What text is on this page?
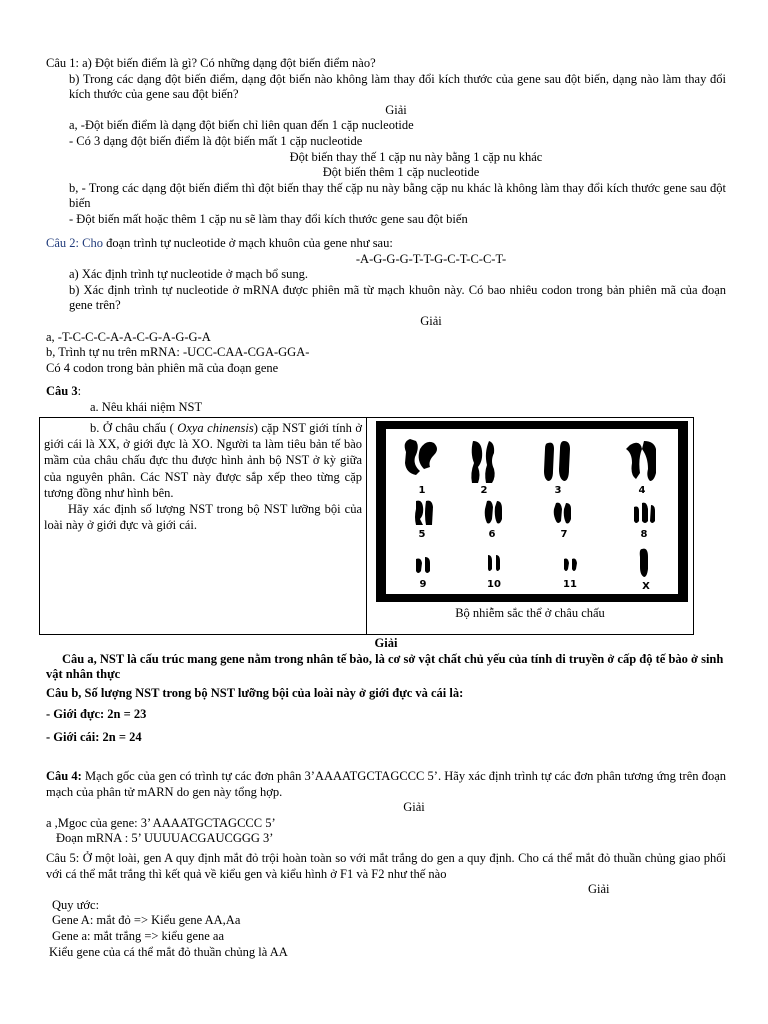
Câu 1: a) Đột biến điểm là gì? Có những dạng đột biến điểm nào?
b) Trong các dạng đột biến điểm, dạng đột biến nào không làm thay đổi kích thước của gene sau đột biến, dạng nào làm thay đổi kích thước của gene sau đột biến?
Giải
a, -Đột biến điểm là dạng đột biến chỉ liên quan đến 1 cặp nucleotide
- Có 3 dạng đột biến điểm là đột biến mất 1 cặp nucleotide
Đột biến thay thế 1 cặp nu này bằng 1 cặp nu khác
Đột biến thêm 1 cặp nucleotide
b, - Trong các dạng đột biến điểm thì đột biến thay thế cặp nu này bằng cặp nu khác là không làm thay đổi kích thước gene sau đột biến
- Đột biến mất hoặc thêm 1 cặp nu sẽ làm thay đổi kích thước gene sau đột biến
Câu 2: Cho đoạn trình tự nucleotide ở mạch khuôn của gene như sau:
-A-G-G-G-T-T-G-C-T-C-C-T-
a) Xác định trình tự nucleotide ở mạch bổ sung.
b) Xác định trình tự nucleotide ở mRNA được phiên mã từ mạch khuôn này. Có bao nhiêu codon trong bản phiên mã của đoạn gene trên?
Giải
a, -T-C-C-C-A-A-C-G-A-G-G-A
b, Trình tự nu trên mRNA: -UCC-CAA-CGA-GGA-
Có 4 codon trong bản phiên mã của đoạn gene
Câu 3:
a. Nêu khái niệm NST
b. Ở châu chấu ( Oxya chinensis) cặp NST giới tính ở giới cái là XX, ở giới đực là XO. Người ta làm tiêu bản tế bào mầm của châu chấu đực thu được hình ảnh bộ NST ở kỳ giữa của nguyên phân. Các NST này được sắp xếp theo từng cặp tương đồng như hình bên.
Hãy xác định số lượng NST trong bộ NST lưỡng bội của loài này ở giới đực và giới cái.
1	2	3	4
5	6	7	8
9	10	11	X
Bộ nhiễm sắc thể ở châu chấu
Giải
Câu a, NST là cấu trúc mang gene nằm trong nhân tế bào, là cơ sở vật chất chủ yếu của tính di truyền ở cấp độ tế bào ở sinh vật nhân thực
Câu b, Số lượng NST trong bộ NST lưỡng bội của loài này ở giới đực và cái là:
- Giới đực: 2n = 23
- Giới cái: 2n = 24
Câu 4: Mạch gốc của gen có trình tự các đơn phân 3’AAAATGCTAGCCC 5’. Hãy xác định trình tự các đơn phân tương ứng trên đoạn mạch của phân tử mARN do gen này tổng hợp.
Giải
a ,Mgoc của gene: 3’ AAAATGCTAGCCC 5’
Đoạn mRNA : 5’ UUUUACGAUCGGG 3’
Câu 5: Ở một loài, gen A quy định mắt đỏ trội hoàn toàn so với mắt trắng do gen a quy định. Cho cá thể mắt đỏ thuần chủng giao phối với cá thể mắt trắng thì kết quả về kiểu gen và kiểu hình ở F1 và F2 như thế nào
Giải
Quy ước:
Gene A: mắt đỏ => Kiểu gene AA,Aa
Gene a: mắt trắng => kiểu gene aa
Kiểu gene của cá thể mắt đỏ thuần chủng là AA
